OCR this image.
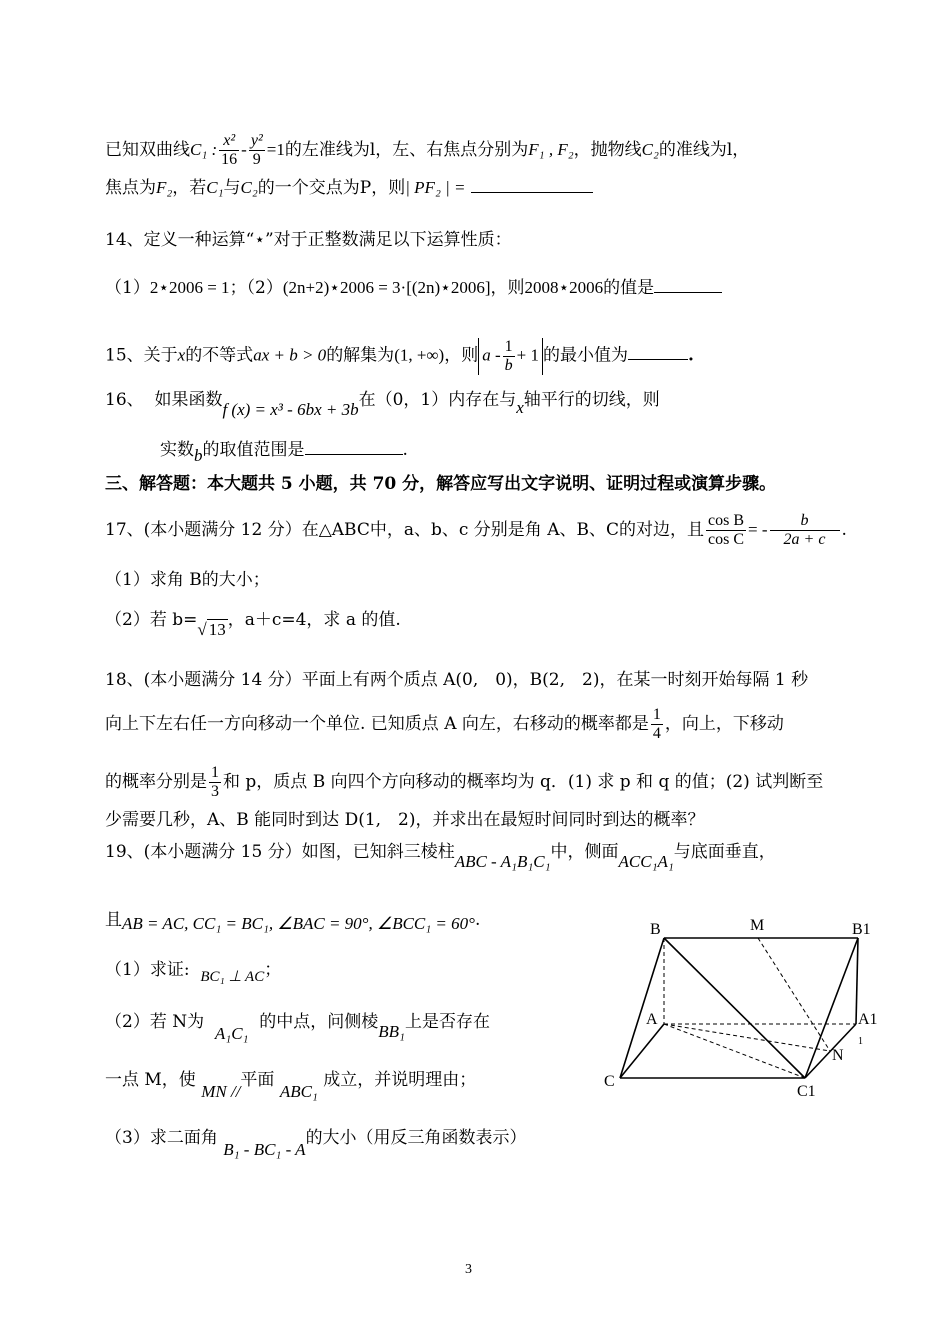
已知双曲线C₁ : $\frac{\text{x²}}{16} - \frac{\text{y²}}{9} =1$的左准线为l，左、右焦点分别为F₁ , F₂，抛物线C₂的准线为l，
焦点为F₂，若C₁与C₂的一个交点为P，则| PF₂ | =
14、定义一种运算“⋆”对于正整数满足以下运算性质：
（1）2⋆2006 = 1；（2）(2n+2)⋆2006 = 3·[(2n)⋆2006]，则2008⋆2006的值是
15、关于x的不等式ax + b > 0的解集为(1, +∞)，则 $a - \frac{1}{b} + 1$ 的最小值为	.
16、 如果函数f (x) = x³ - 6bx + 3b在（0，1）内存在与x轴平行的切线，则
实数b的取值范围是	.
三、解答题：本大题共 5 小题，共 70 分，解答应写出文字说明、证明过程或演算步骤。
17、(本小题满分 12 分）在△ABC中，a、b、c 分别是角 A、B、C的对边，且 $\frac{\text{cos B}}{\text{cos C}}$ = - $\frac{b}{2a + c}$ .
（1）求角 B的大小；
（2）若 b=√ 13 ，a＋c=4，求 a 的值.
18、(本小题满分 14 分）平面上有两个质点 A(0,　0)，B(2,　2)，在某一时刻开始每隔 1 秒
向上下左右任一方向移动一个单位. 已知质点 A 向左，右移动的概率都是 $\frac{1}{4}$ ，向上，下移动
的概率分别是 $\frac{1}{3}$ 和 p，质点 B 向四个方向移动的概率均为 q．(1) 求 p 和 q 的值；(2) 试判断至
少需要几秒，A、B 能同时到达 D(1,　2)，并求出在最短时间同时到达的概率？
19、(本小题满分 15 分）如图，已知斜三棱柱ABC - A₁B₁C₁中，侧面ACC₁A₁与底面垂直，
且AB = AC, CC₁ = BC₁, ∠BAC = 90°, ∠BCC₁ = 60°.
（1）求证: BC₁ ⊥ AC；
（2）若 N为  A₁C₁  的中点，问侧棱BB₁上是否存在
一点 M，使 MN //平面 ABC₁ 成立，并说明理由；
（3）求二面角 B₁ - BC₁ - A的大小（用反三角函数表示）
B	M	B1
A	A1
1
N
C
C1
3
